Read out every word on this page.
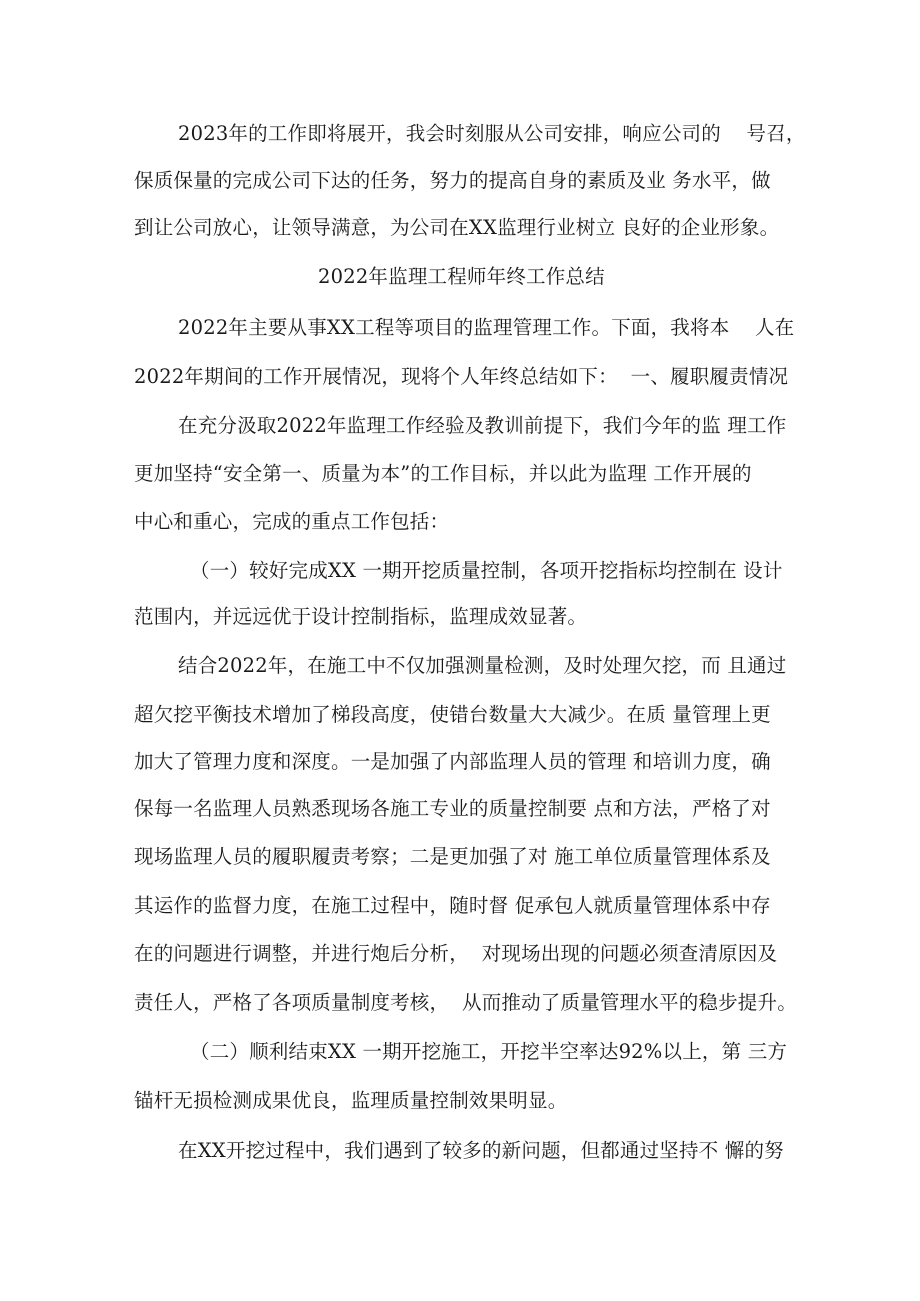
2023年的工作即将展开，我会时刻服从公司安排，响应公司的    号召，
保质保量的完成公司下达的任务，努力的提高自身的素质及业 务水平，做
到让公司放心，让领导满意，为公司在XX监理行业树立 良好的企业形象。
2022年监理工程师年终工作总结
2022年主要从事XX工程等项目的监理管理工作。下面，我将本    人在
2022年期间的工作开展情况，现将个人年终总结如下：  一、履职履责情况
在充分汲取2022年监理工作经验及教训前提下，我们今年的监 理工作
更加坚持“安全第一、质量为本”的工作目标，并以此为监理 工作开展的
中心和重心，完成的重点工作包括：
（一）较好完成XX 一期开挖质量控制，各项开挖指标均控制在 设计
范围内，并远远优于设计控制指标，监理成效显著。
结合2022年，在施工中不仅加强测量检测，及时处理欠挖，而 且通过
超欠挖平衡技术增加了梯段高度，使错台数量大大减少。在质 量管理上更
加大了管理力度和深度。一是加强了内部监理人员的管理 和培训力度，确
保每一名监理人员熟悉现场各施工专业的质量控制要 点和方法，严格了对
现场监理人员的履职履责考察；二是更加强了对 施工单位质量管理体系及
其运作的监督力度，在施工过程中，随时督 促承包人就质量管理体系中存
在的问题进行调整，并进行炮后分析，  对现场出现的问题必须查清原因及
责任人，严格了各项质量制度考核，  从而推动了质量管理水平的稳步提升。
（二）顺利结束XX 一期开挖施工，开挖半空率达92%以上，第 三方
锚杆无损检测成果优良，监理质量控制效果明显。
在XX开挖过程中，我们遇到了较多的新问题，但都通过坚持不 懈的努
